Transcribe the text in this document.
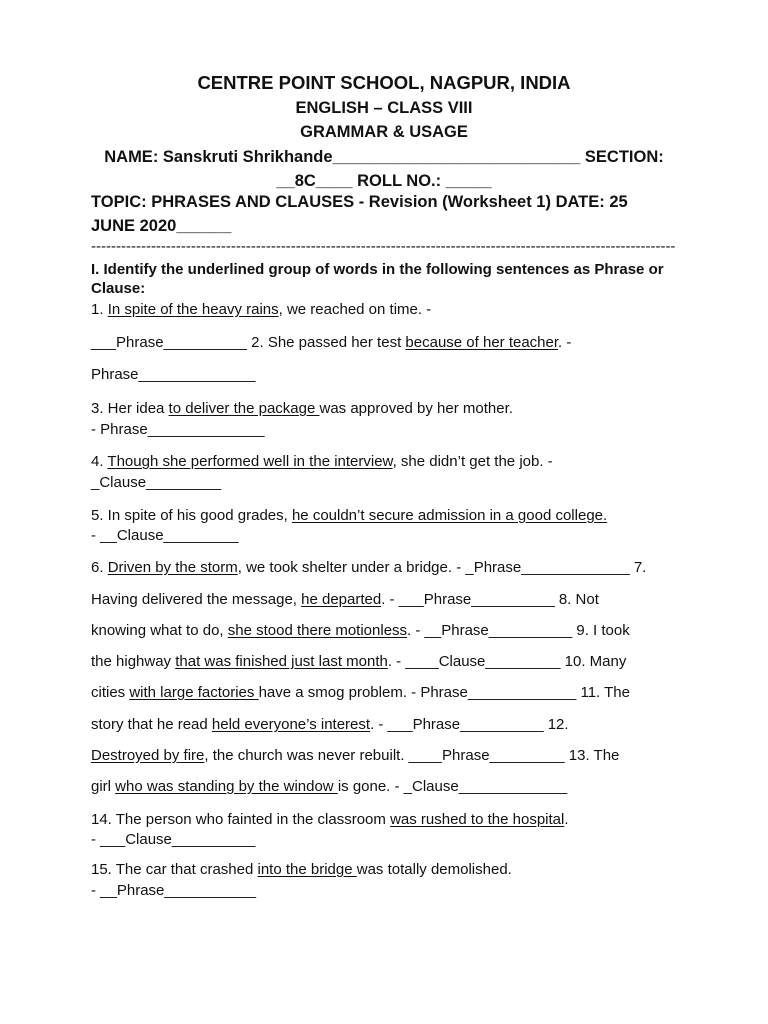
CENTRE POINT SCHOOL, NAGPUR, INDIA
ENGLISH – CLASS VIII
GRAMMAR & USAGE
NAME: Sanskruti Shrikhande___________________________ SECTION:
__8C____ ROLL NO.: _____
TOPIC: PHRASES AND CLAUSES - Revision (Worksheet 1) DATE: 25
JUNE 2020______
---------------------------------------------------------------------------------------------------------------------
I. Identify the underlined group of words in the following sentences as Phrase or
Clause:
1. In spite of the heavy rains, we reached on time. -
___Phrase__________ 2. She passed her test because of her teacher. -
Phrase______________
3. Her idea to deliver the package was approved by her mother.
- Phrase______________
4. Though she performed well in the interview, she didn’t get the job. -
_Clause_________
5. In spite of his good grades, he couldn’t secure admission in a good college.
- __Clause_________
6. Driven by the storm, we took shelter under a bridge. - _Phrase_____________ 7.
Having delivered the message, he departed. - ___Phrase__________ 8. Not
knowing what to do, she stood there motionless. - __Phrase__________ 9. I took
the highway that was finished just last month. - ____Clause_________ 10. Many
cities with large factories have a smog problem. - Phrase_____________ 11. The
story that he read held everyone’s interest. - ___Phrase__________ 12.
Destroyed by fire, the church was never rebuilt. ____Phrase_________ 13. The
girl who was standing by the window is gone. - _Clause_____________
14. The person who fainted in the classroom was rushed to the hospital.
- ___Clause__________
15. The car that crashed into the bridge was totally demolished.
- __Phrase___________
